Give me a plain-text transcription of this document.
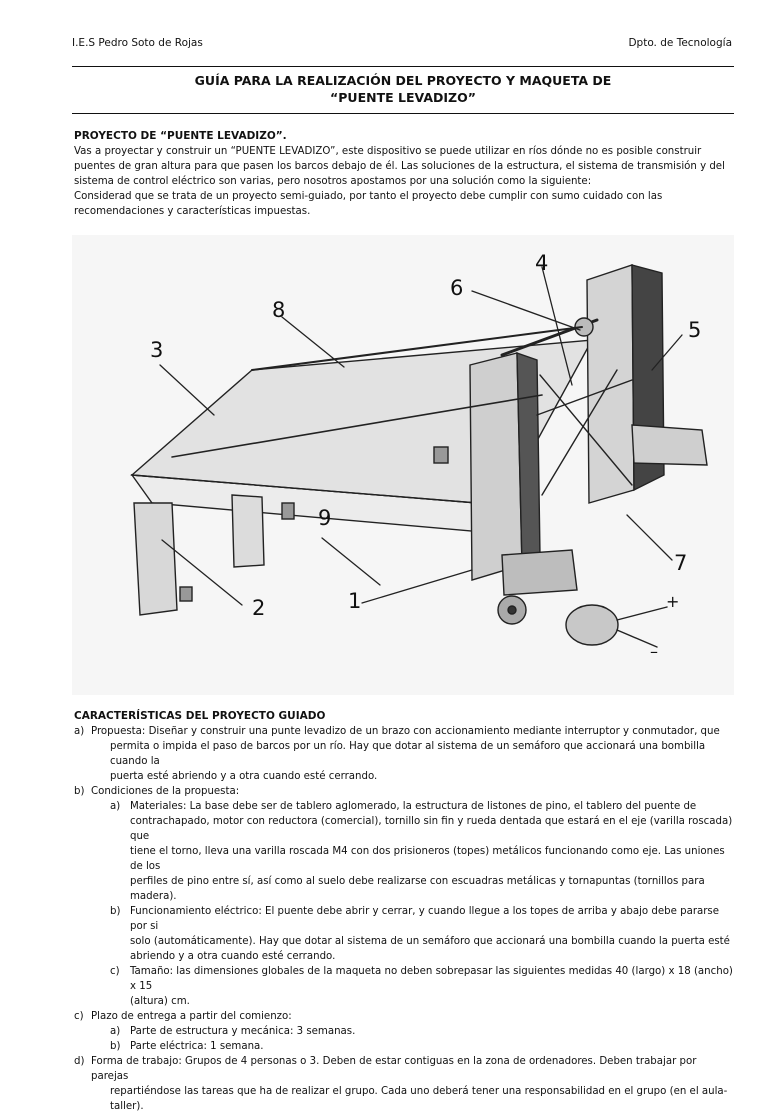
I.E.S Pedro Soto de Rojas	Dpto. de Tecnología
GUÍA PARA LA REALIZACIÓN DEL PROYECTO Y MAQUETA DE
“PUENTE LEVADIZO”
PROYECTO DE “PUENTE LEVADIZO”.
Vas a proyectar y construir un “PUENTE LEVADIZO”, este dispositivo se puede utilizar en ríos dónde no es posible construir
puentes de gran altura para que pasen los barcos debajo de él. Las soluciones de la estructura, el sistema de transmisión y del
sistema de control eléctrico son varias, pero nosotros apostamos por una solución como la siguiente:
Considerad que se trata de un proyecto semi-guiado, por tanto el proyecto debe cumplir con sumo cuidado con las
recomendaciones y características impuestas.
1
2
3
4
5
6
7
8
9
+
–
CARACTERÍSTICAS DEL PROYECTO GUIADO
a) Propuesta: Diseñar y construir una punte levadizo de un brazo con accionamiento mediante interruptor y conmutador, que
permita o impida el paso de barcos por un río. Hay que dotar al sistema de un semáforo que accionará una bombilla cuando la
puerta esté abriendo y a otra cuando esté cerrando.
b) Condiciones de la propuesta:
a) Materiales: La base debe ser de tablero aglomerado, la estructura de listones de pino, el tablero del puente de
contrachapado, motor con reductora (comercial), tornillo sin fin y rueda dentada que estará en el eje (varilla roscada) que
tiene el torno, lleva una varilla roscada M4 con dos prisioneros (topes) metálicos funcionando como eje. Las uniones de los
perfiles de pino entre sí, así como al suelo debe realizarse con escuadras metálicas y tornapuntas (tornillos para madera).
b) Funcionamiento eléctrico: El puente debe abrir y cerrar, y cuando llegue a los topes de arriba y abajo debe pararse por si
solo (automáticamente). Hay que dotar al sistema de un semáforo que accionará una bombilla cuando la puerta esté
abriendo y a otra cuando esté cerrando.
c) Tamaño: las dimensiones globales de la maqueta no deben sobrepasar las siguientes medidas 40 (largo) x 18 (ancho) x 15
(altura) cm.
c) Plazo de entrega a partir del comienzo:
a) Parte de estructura y mecánica: 3 semanas.
b) Parte eléctrica: 1 semana.
d) Forma de trabajo: Grupos de 4 personas o 3. Deben de estar contiguas en la zona de ordenadores. Deben trabajar por parejas
repartiéndose las tareas que ha de realizar el grupo. Cada uno deberá tener una responsabilidad en el grupo (en el aula-taller).
